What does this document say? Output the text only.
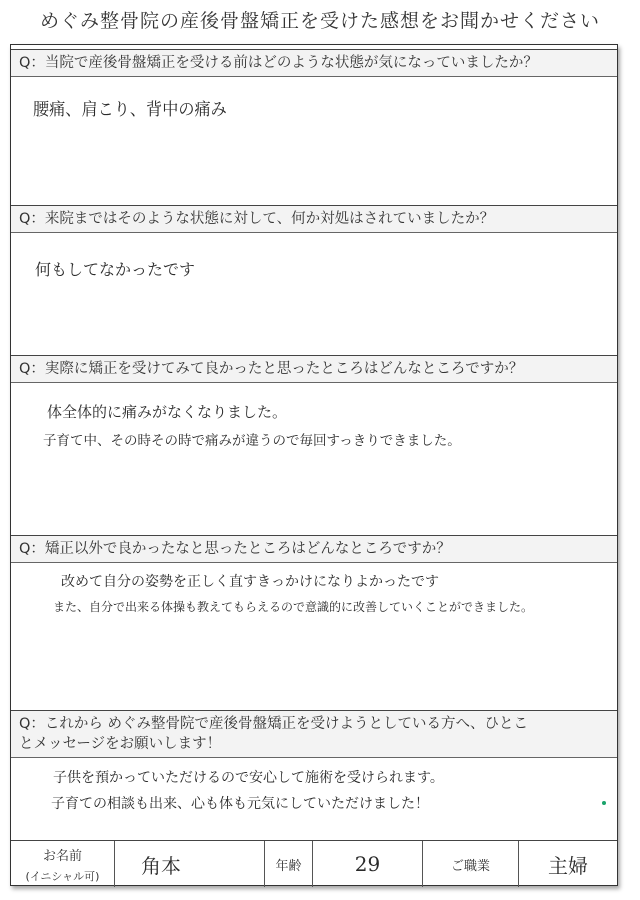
めぐみ整骨院の産後骨盤矯正を受けた感想をお聞かせください
Q：当院で産後骨盤矯正を受ける前はどのような状態が気になっていましたか？
腰痛、肩こり、背中の痛み
Q：来院まではそのような状態に対して、何か対処はされていましたか？
何もしてなかったです
Q：実際に矯正を受けてみて良かったと思ったところはどんなところですか？
体全体的に痛みがなくなりました。
子育て中、その時その時で痛みが違うので毎回すっきりできました。
Q：矯正以外で良かったなと思ったところはどんなところですか？
改めて自分の姿勢を正しく直すきっかけになりよかったです
また、自分で出来る体操も教えてもらえるので意識的に改善していくことができました。
Q：これから めぐみ整骨院で産後骨盤矯正を受けようとしている方へ、ひとこ
とメッセージをお願いします！
子供を預かっていただけるので安心して施術を受けられます。
子育ての相談も出来、心も体も元気にしていただけました！
お名前
(イニシャル可) 角本	年齢	29	ご職業	主婦
